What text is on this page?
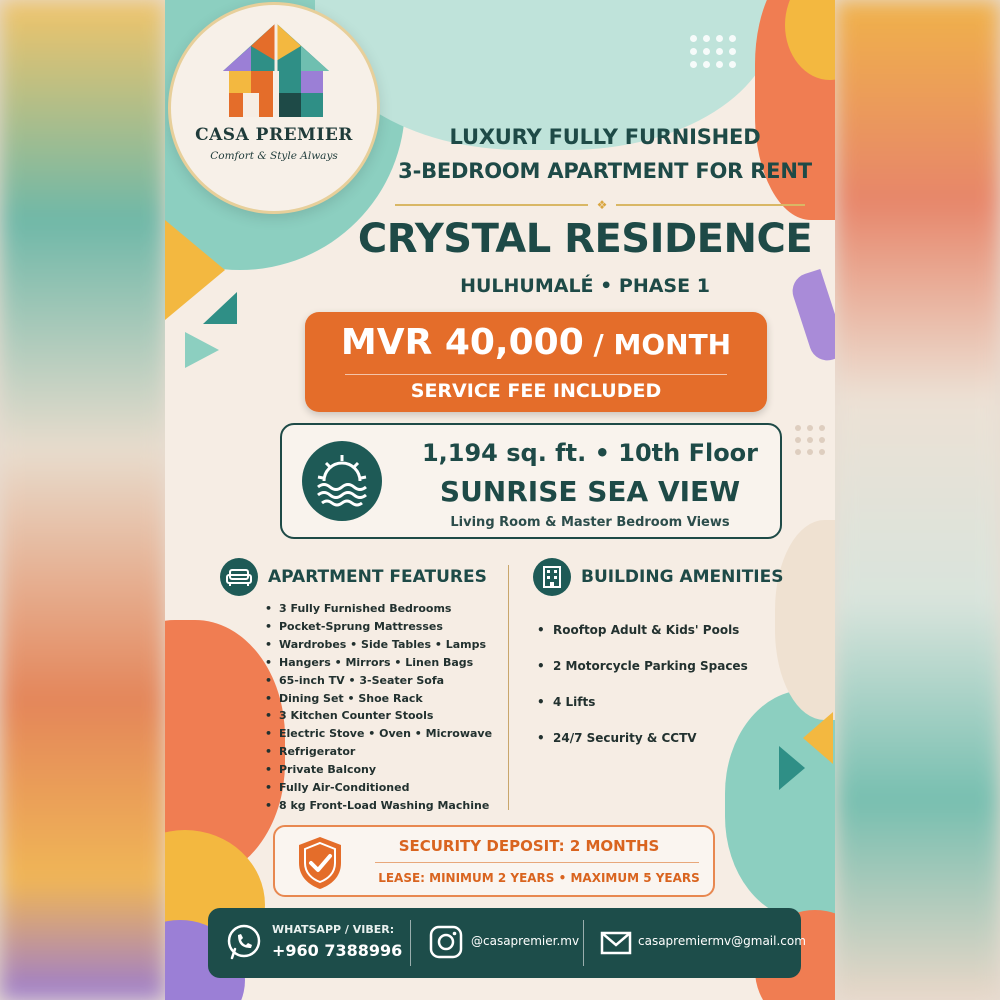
CASA PREMIER
Comfort & Style Always
LUXURY FULLY FURNISHED
3-BEDROOM APARTMENT FOR RENT
❖
CRYSTAL RESIDENCE
HULHUMALÉ • PHASE 1
MVR 40,000 / MONTH
SERVICE FEE INCLUDED
1,194 sq. ft. • 10th Floor
SUNRISE SEA VIEW
Living Room & Master Bedroom Views
APARTMENT FEATURES
• 3 Fully Furnished Bedrooms
• Pocket-Sprung Mattresses
• Wardrobes • Side Tables • Lamps
• Hangers • Mirrors • Linen Bags
• 65-inch TV • 3-Seater Sofa
• Dining Set • Shoe Rack
• 3 Kitchen Counter Stools
• Electric Stove • Oven • Microwave
• Refrigerator
• Private Balcony
• Fully Air-Conditioned
• 8 kg Front-Load Washing Machine
BUILDING AMENITIES
• Rooftop Adult & Kids' Pools
• 2 Motorcycle Parking Spaces
• 4 Lifts
• 24/7 Security & CCTV
SECURITY DEPOSIT: 2 MONTHS
LEASE: MINIMUM 2 YEARS • MAXIMUM 5 YEARS
WHATSAPP / VIBER:
+960 7388996	@casapremier.mv	casapremiermv@gmail.com
